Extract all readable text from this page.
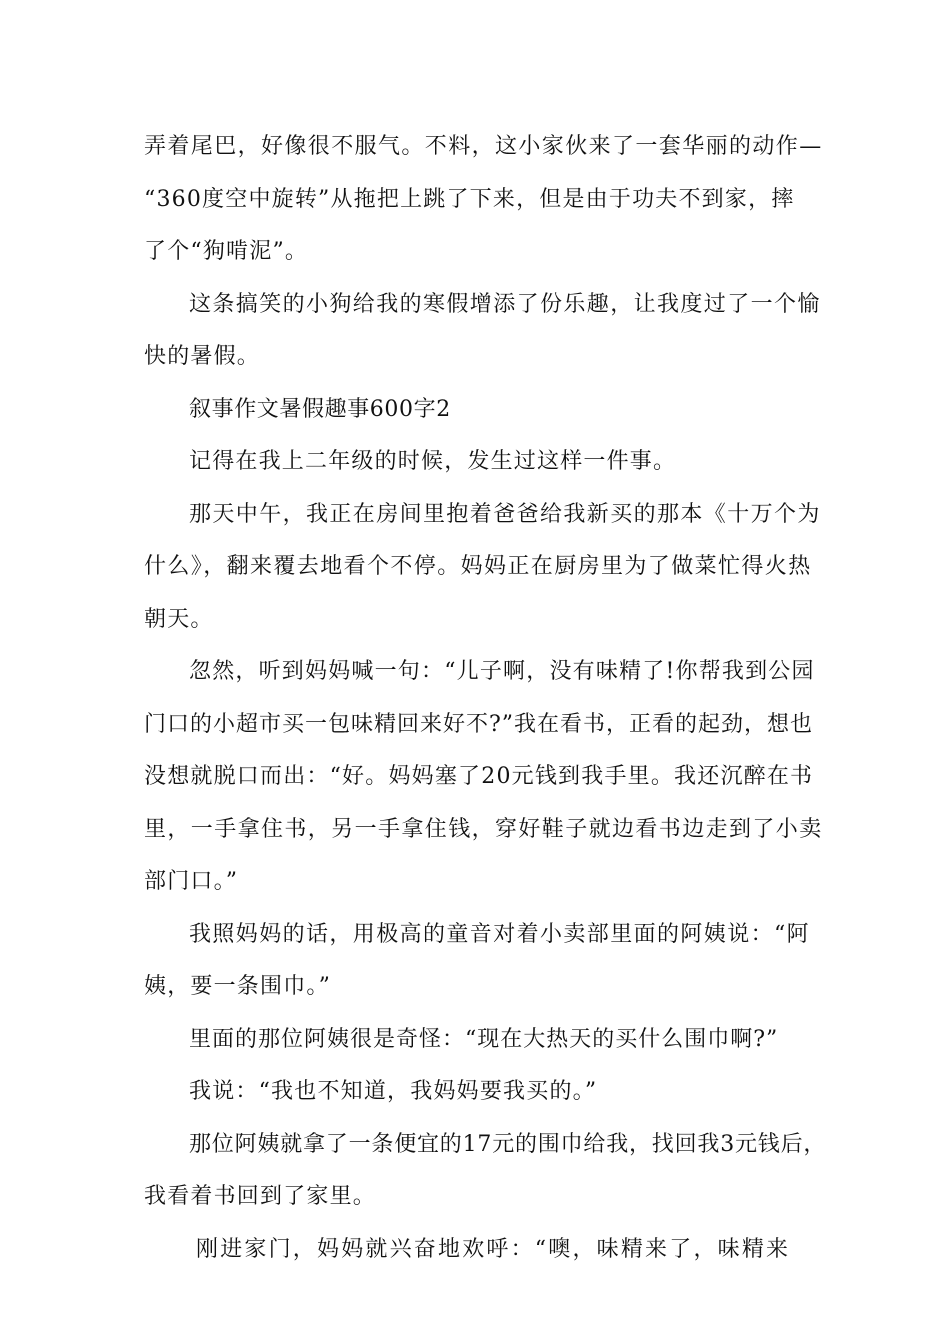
弄着尾巴，好像很不服气。不料，这小家伙来了一套华丽的动作—
“360度空中旋转”从拖把上跳了下来，但是由于功夫不到家，摔
了个“狗啃泥”。
这条搞笑的小狗给我的寒假增添了份乐趣，让我度过了一个愉
快的暑假。
叙事作文暑假趣事600字2
记得在我上二年级的时候，发生过这样一件事。
那天中午，我正在房间里抱着爸爸给我新买的那本《十万个为
什么》，翻来覆去地看个不停。妈妈正在厨房里为了做菜忙得火热
朝天。
忽然，听到妈妈喊一句：“儿子啊，没有味精了!你帮我到公园
门口的小超市买一包味精回来好不?”我在看书，正看的起劲，想也
没想就脱口而出：“好。妈妈塞了20元钱到我手里。我还沉醉在书
里，一手拿住书，另一手拿住钱，穿好鞋子就边看书边走到了小卖
部门口。”
我照妈妈的话，用极高的童音对着小卖部里面的阿姨说：“阿
姨，要一条围巾。”
里面的那位阿姨很是奇怪：“现在大热天的买什么围巾啊?”
我说：“我也不知道，我妈妈要我买的。”
那位阿姨就拿了一条便宜的17元的围巾给我，找回我3元钱后，
我看着书回到了家里。
刚进家门，妈妈就兴奋地欢呼：“噢，味精来了，味精来
